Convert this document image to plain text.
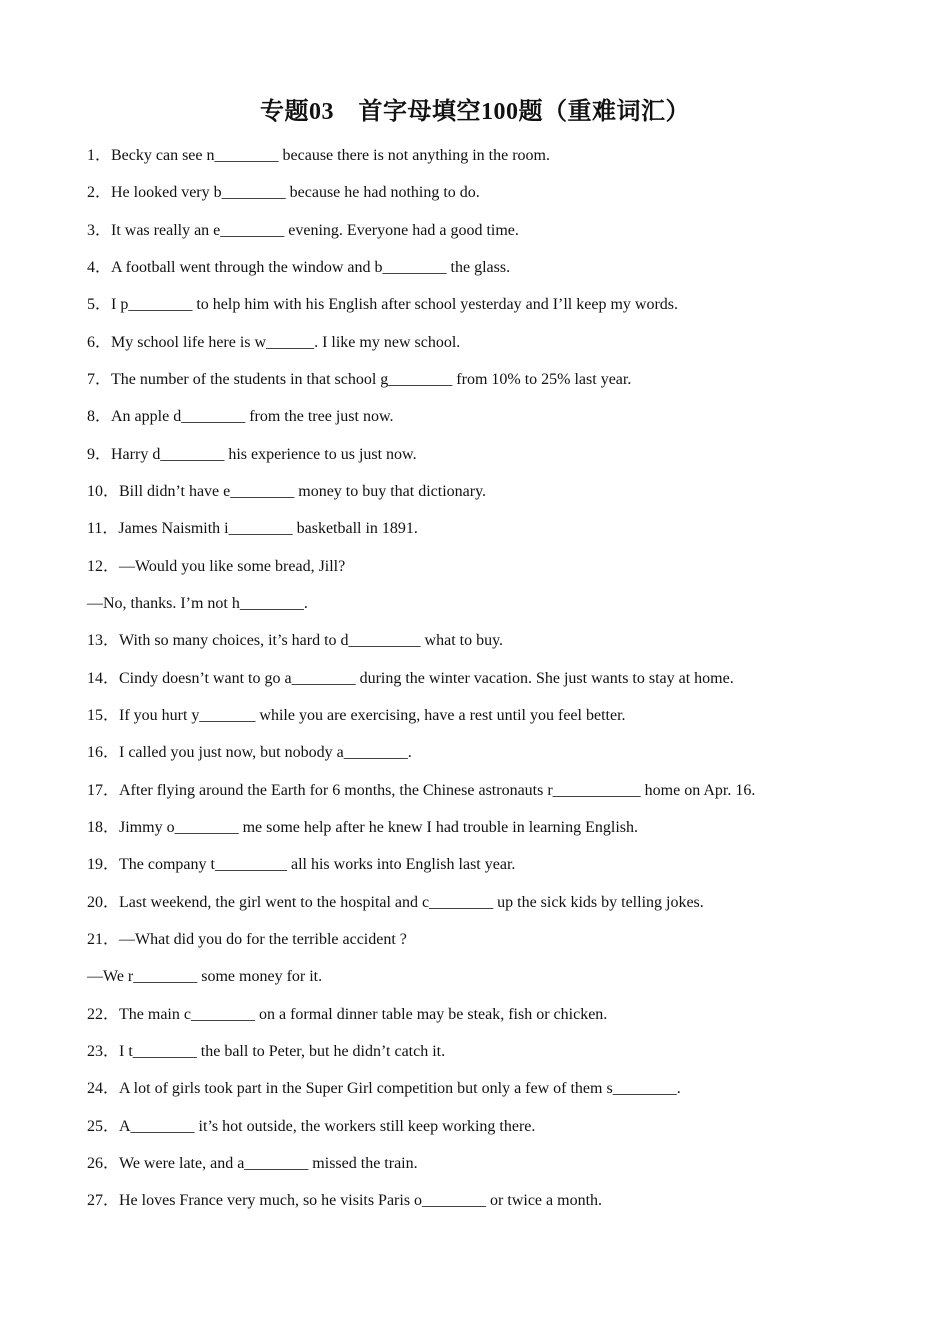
专题03　首字母填空100题（重难词汇）
1．Becky can see n________ because there is not anything in the room.
2．He looked very b________ because he had nothing to do.
3．It was really an e________ evening. Everyone had a good time.
4．A football went through the window and b________ the glass.
5．I p________ to help him with his English after school yesterday and I’ll keep my words.
6．My school life here is w______. I like my new school.
7．The number of the students in that school g________ from 10% to 25% last year.
8．An apple d________ from the tree just now.
9．Harry d________ his experience to us just now.
10．Bill didn’t have e________ money to buy that dictionary.
11．James Naismith i________ basketball in 1891.
12．—Would you like some bread, Jill?
—No, thanks. I’m not h________.
13．With so many choices, it’s hard to d_________ what to buy.
14．Cindy doesn’t want to go a________ during the winter vacation. She just wants to stay at home.
15．If you hurt y_______ while you are exercising, have a rest until you feel better.
16．I called you just now, but nobody a________.
17．After flying around the Earth for 6 months, the Chinese astronauts r___________ home on Apr. 16.
18．Jimmy o________ me some help after he knew I had trouble in learning English.
19．The company t_________ all his works into English last year.
20．Last weekend, the girl went to the hospital and c________ up the sick kids by telling jokes.
21．—What did you do for the terrible accident ?
—We r________ some money for it.
22．The main c________ on a formal dinner table may be steak, fish or chicken.
23．I t________ the ball to Peter, but he didn’t catch it.
24．A lot of girls took part in the Super Girl competition but only a few of them s________.
25．A________ it’s hot outside, the workers still keep working there.
26．We were late, and a________ missed the train.
27．He loves France very much, so he visits Paris o________ or twice a month.
